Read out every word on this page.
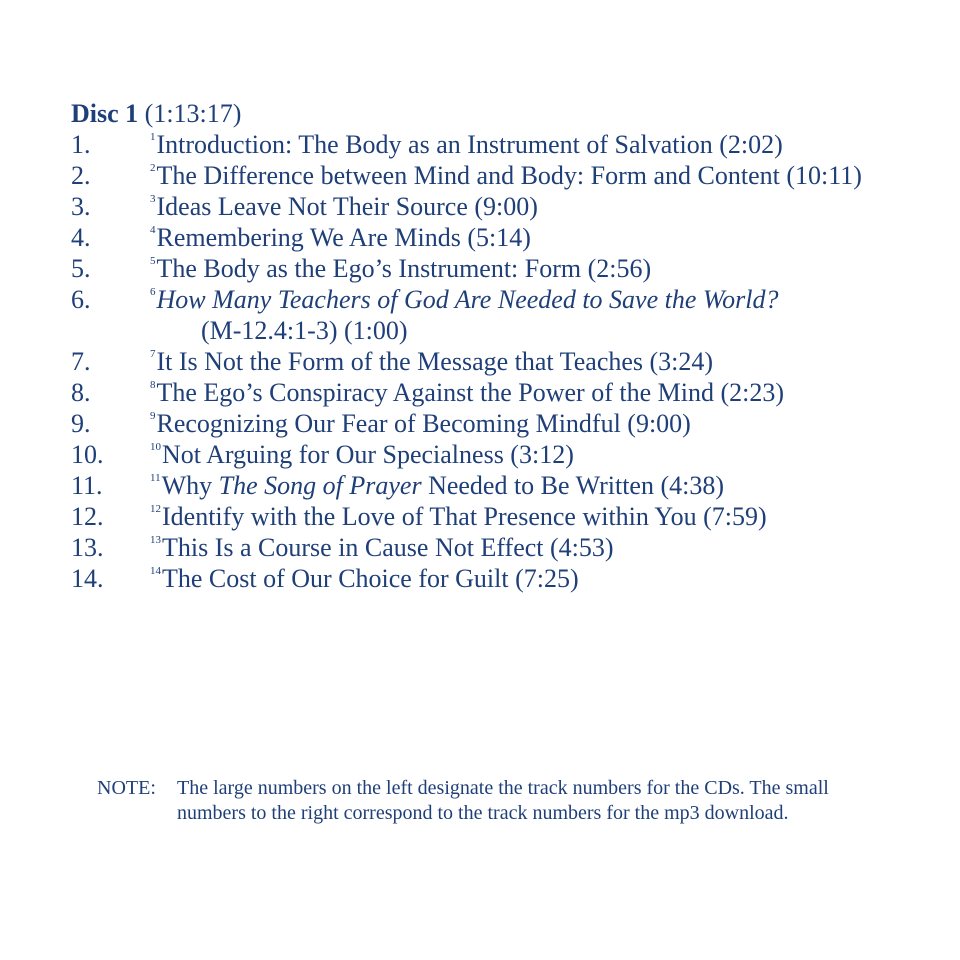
Disc 1 (1:13:17)
1.	$^1$Introduction: The Body as an Instrument of Salvation (2:02)
2.	$^2$The Difference between Mind and Body: Form and Content (10:11)
3.	$^3$Ideas Leave Not Their Source (9:00)
4.	$^4$Remembering We Are Minds (5:14)
5.	$^5$The Body as the Ego’s Instrument: Form (2:56)
6.	$^6$How Many Teachers of God Are Needed to Save the World?
(M-12.4:1-3) (1:00)
7.	$^7$It Is Not the Form of the Message that Teaches (3:24)
8.	$^8$The Ego’s Conspiracy Against the Power of the Mind (2:23)
9.	$^9$Recognizing Our Fear of Becoming Mindful (9:00)
10.	$^{10}$Not Arguing for Our Specialness (3:12)
11.	$^{11}$Why The Song of Prayer Needed to Be Written (4:38)
12.	$^{12}$Identify with the Love of That Presence within You (7:59)
13.	$^{13}$This Is a Course in Cause Not Effect (4:53)
14.	$^{14}$The Cost of Our Choice for Guilt (7:25)
NOTE: The large numbers on the left designate the track numbers for the CDs. The small
numbers to the right correspond to the track numbers for the mp3 download.
